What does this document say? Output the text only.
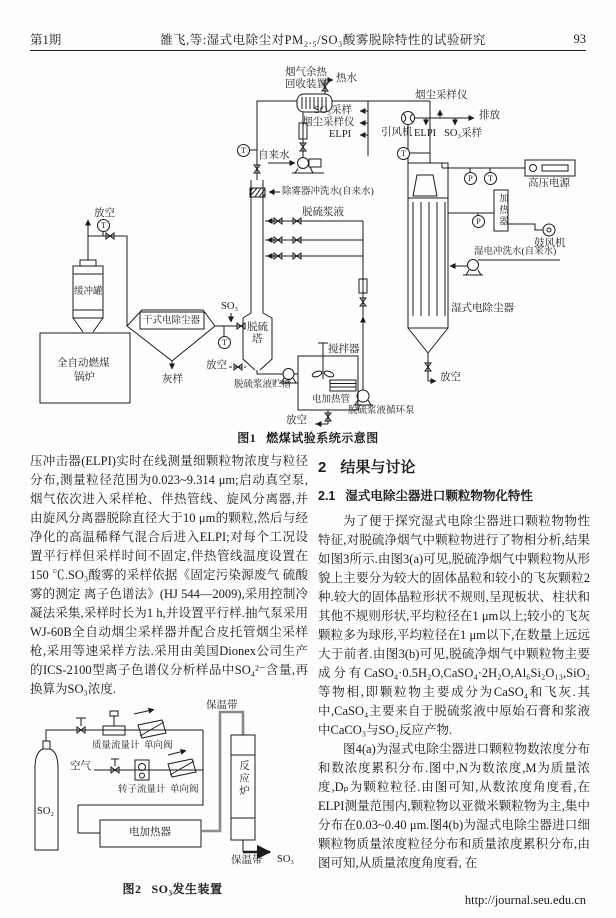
第1期	雒飞,等:湿式电除尘对PM₂.₅/SO₃酸雾脱除特性的试验研究	93
放空
烟气余热
回收装置
热水
SO₃采样
烟尘采样仪
ELPI
自来水
除雾器冲洗水(自来水)
脱硫浆液
缓冲罐
全自动燃煤
锅炉
干式电除尘器
灰样
放空
SO₃
脱硫
塔
搅拌器
脱硫浆液贮槽
电加热管
脱硫浆液循环泵
放空
湿式电除尘器
湿电冲洗水(自来水)
高压电源
加热器
鼓风机
放空
引风机
烟尘采样仪
ELPI SO₃采样
排放
T
T
T
T
P	T
P
图1 燃煤试验系统示意图

压冲击器(ELPI)实时在线测量细颗粒物浓度与粒径分布,测量粒径范围为0.023~9.314 μm;启动真空泵,烟气依次进入采样枪、伴热管线、旋风分离器,并由旋风分离器脱除直径大于10 μm的颗粒,然后与经净化的高温稀释气混合后进入ELPI;对每个工况设置平行样但采样时间不固定,伴热管线温度设置在150 ℃.SO₃酸雾的采样依据《固定污染源废气 硫酸雾的测定 离子色谱法》(HJ 544—2009),采用控制冷凝法采集,采样时长为1 h,并设置平行样.抽气泵采用WJ-60B全自动烟尘采样器并配合皮托管烟尘采样枪,采用等速采样方法.采用由美国Dionex公司生产的ICS-2100型离子色谱仪分析样品中SO₄²⁻含量,再换算为SO₃浓度.

保温带
质量流量计 单向阀
空气
转子流量计 单向阀
SO₂
反应炉
电加热器
保温带 SO₃
图2 SO₃发生装置
2 结果与讨论
2.1 湿式电除尘器进口颗粒物物化特性

为了便于探究湿式电除尘器进口颗粒物物性特征,对脱硫净烟气中颗粒物进行了物相分析,结果如图3所示.由图3(a)可见,脱硫净烟气中颗粒物从形貌上主要分为较大的固体晶粒和较小的飞灰颗粒2种.较大的固体晶粒形状不规则,呈现板状、柱状和其他不规则形状,平均粒径在1 μm以上;较小的飞灰颗粒多为球形,平均粒径在1 μm以下,在数量上远远大于前者.由图3(b)可见,脱硫净烟气中颗粒物主要成分有CaSO₄·0.5H₂O,CaSO₄·2H₂O,Al₆Si₂O₁₃,SiO₂等物相,即颗粒物主要成分为CaSO₄和飞灰.其中,CaSO₄主要来自于脱硫浆液中原始石膏和浆液中CaCO₃与SO₂反应产物.

图4(a)为湿式电除尘器进口颗粒物数浓度分布和数浓度累积分布.图中,N为数浓度,M为质量浓度,Dₚ为颗粒粒径.由图可知,从数浓度角度看,在ELPI测量范围内,颗粒物以亚微米颗粒物为主,集中分布在0.03~0.40 μm.图4(b)为湿式电除尘器进口细颗粒物质量浓度粒径分布和质量浓度累积分布,由图可知,从质量浓度角度看, 在

http://journal.seu.edu.cn
